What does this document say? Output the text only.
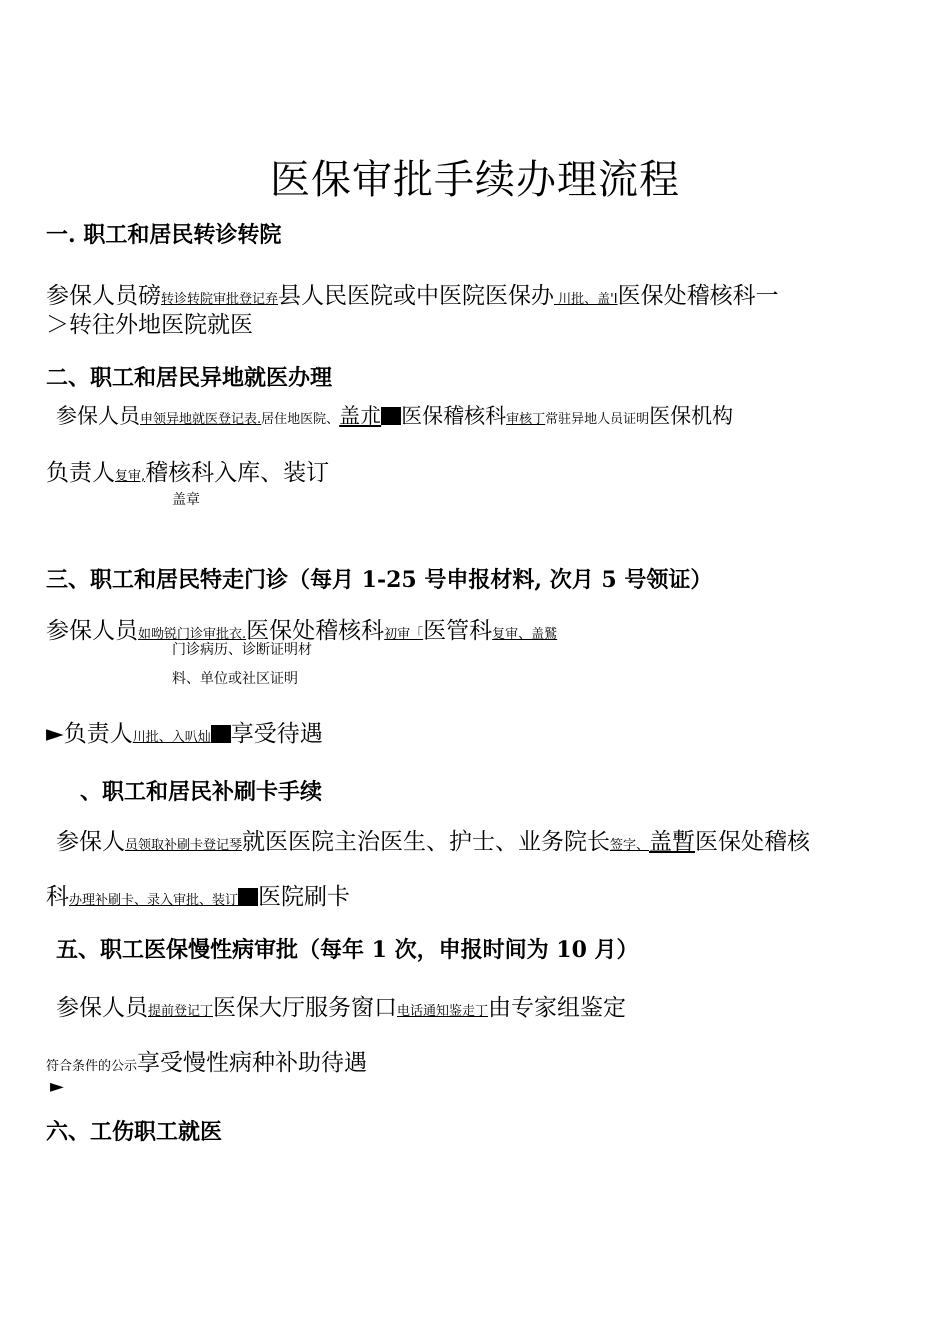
医保审批手续办理流程
一. 职工和居民转诊转院
参保人员磅转诊转院审批登记弃县人民医院或中医院医保办 川批、盖'Ι医保处稽核科一
＞转往外地医院就医
二、职工和居民异地就医办理
参保人员申领异地就医登记表.居住地医院、盖朮 医保稽核科审核丁常驻异地人员证明医保机构
负责人复审,稽核科入库、装订
盖章
三、职工和居民特走门诊（每月 1-25 号申报材料, 次月 5 号领证）
参保人员如呦锐门诊审批衣.医保处稽核科初审「医管科复审、盖鷲
门诊病历、诊断证明材
料、单位或社区证明
►负责人川批、入叭灿 享受待遇
、职工和居民补刷卡手续
参保人员领取补刷卡登记琴就医医院主治医生、护士、业务院长签字、盖暫医保处稽核
科办理补刷卡、录入审批、装订 医院刷卡
五、职工医保慢性病审批（每年 1 次，申报时间为 10 月）
参保人员提前登记丁医保大厅服务窗口电话通知鉴走丁由专家组鉴定
符合条件的公示享受慢性病种补助待遇
►
六、工伤职工就医
